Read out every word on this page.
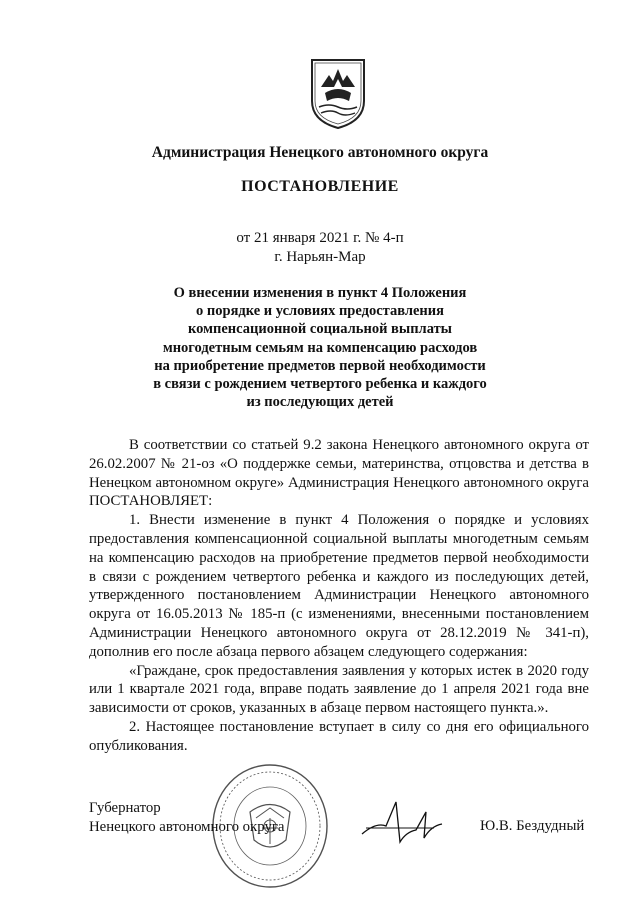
Администрация Ненецкого автономного округа
ПОСТАНОВЛЕНИЕ
от 21 января 2021 г. № 4-п
г. Нарьян-Мар
О внесении изменения в пункт 4 Положения
о порядке и условиях предоставления
компенсационной социальной выплаты
многодетным семьям на компенсацию расходов
на приобретение предметов первой необходимости
в связи с рождением четвертого ребенка и каждого
из последующих детей

В соответствии со статьей 9.2 закона Ненецкого автономного округа от 26.02.2007 № 21-оз «О поддержке семьи, материнства, отцовства и детства в Ненецком автономном округе» Администрация Ненецкого автономного округа ПОСТАНОВЛЯЕТ:

1. Внести изменение в пункт 4 Положения о порядке и условиях предоставления компенсационной социальной выплаты многодетным семьям на компенсацию расходов на приобретение предметов первой необходимости в связи с рождением четвертого ребенка и каждого из последующих детей, утвержденного постановлением Администрации Ненецкого автономного округа от 16.05.2013 № 185-п (с изменениями, внесенными постановлением Администрации Ненецкого автономного округа от 28.12.2019 № 341-п), дополнив его после абзаца первого абзацем следующего содержания:

«Граждане, срок предоставления заявления у которых истек в 2020 году или 1 квартале 2021 года, вправе подать заявление до 1 апреля 2021 года вне зависимости от сроков, указанных в абзаце первом настоящего пункта.».

2. Настоящее постановление вступает в силу со дня его официального опубликования.

Губернатор
Ненецкого автономного округа	Ю.В. Бездудный
